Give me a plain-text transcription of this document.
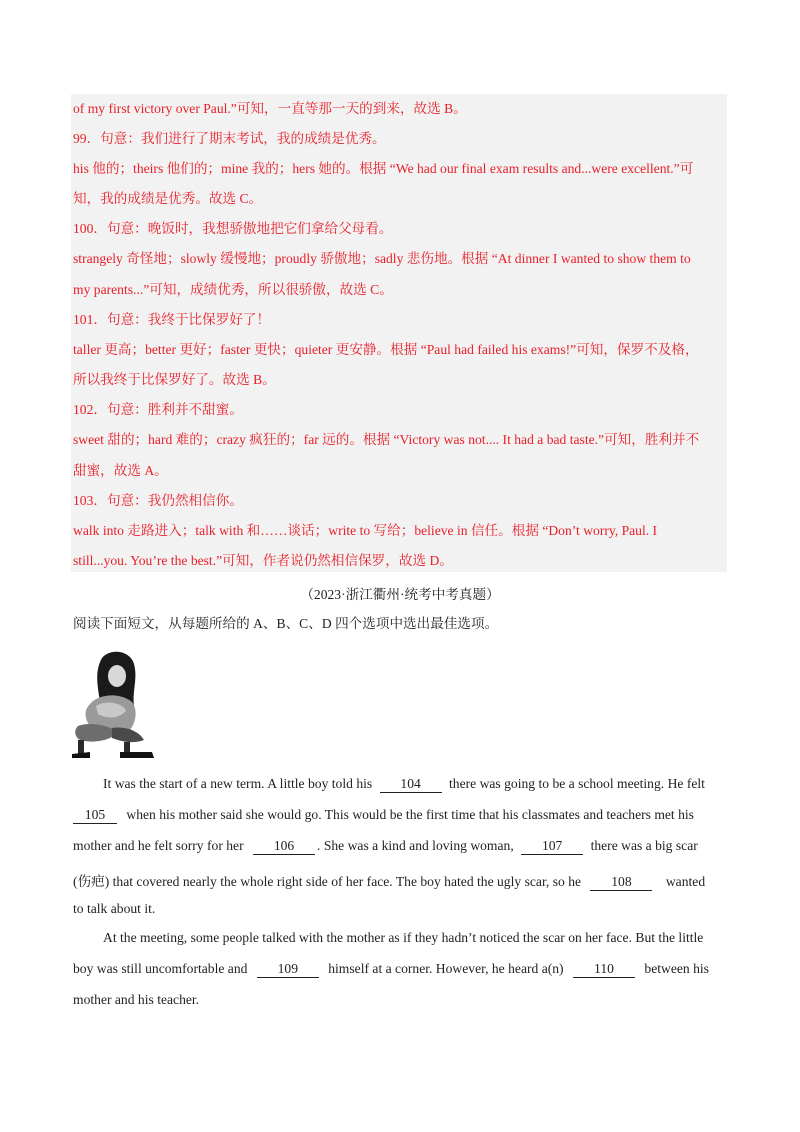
of my first victory over Paul.”可知，一直等那一天的到来，故选 B。
99．句意：我们进行了期末考试，我的成绩是优秀。
his 他的；theirs 他们的；mine 我的；hers 她的。根据 “We had our final exam results and...were excellent.”可
知，我的成绩是优秀。故选 C。
100．句意：晚饭时，我想骄傲地把它们拿给父母看。
strangely 奇怪地；slowly 缓慢地；proudly 骄傲地；sadly 悲伤地。根据 “At dinner I wanted to show them to
my parents...”可知，成绩优秀，所以很骄傲，故选 C。
101．句意：我终于比保罗好了！
taller 更高；better 更好；faster 更快；quieter 更安静。根据 “Paul had failed his exams!”可知，保罗不及格，
所以我终于比保罗好了。故选 B。
102．句意：胜利并不甜蜜。
sweet 甜的；hard 难的；crazy 疯狂的；far 远的。根据 “Victory was not.... It had a bad taste.”可知，胜利并不
甜蜜，故选 A。
103．句意：我仍然相信你。
walk into 走路进入；talk with 和……谈话；write to 写给；believe in 信任。根据 “Don’t worry, Paul. I
still...you. You’re the best.”可知，作者说仍然相信保罗，故选 D。
（2023·浙江衢州·统考中考真题）
阅读下面短文，从每题所给的 A、B、C、D 四个选项中选出最佳选项。
It was the start of a new term. A little boy told his 104 there was going to be a school meeting. He felt
105 when his mother said she would go. This would be the first time that his classmates and teachers met his
mother and he felt sorry for her 106 . She was a kind and loving woman, 107 there was a big scar
(伤疤) that covered nearly the whole right side of her face. The boy hated the ugly scar, so he 108	wanted
to talk about it.
At the meeting, some people talked with the mother as if they hadn’t noticed the scar on her face. But the little
boy was still uncomfortable and 109 himself at a corner. However, he heard a(n) 110 between his
mother and his teacher.
